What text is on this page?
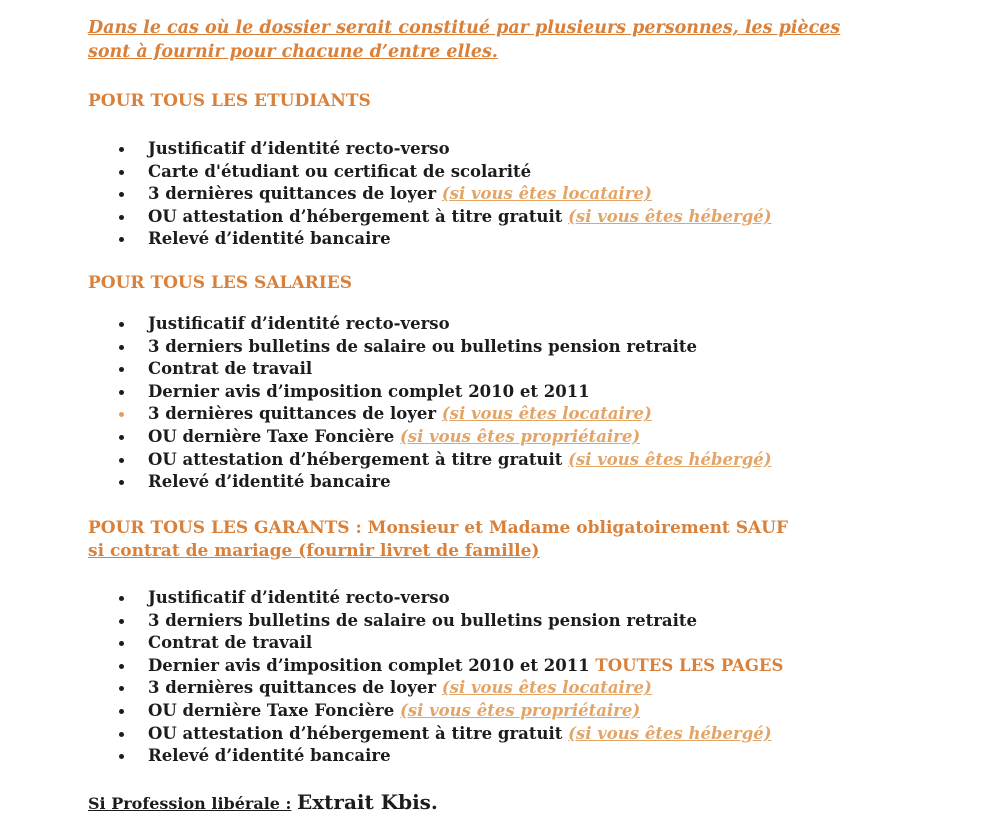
Dans le cas où le dossier serait constitué par plusieurs personnes, les pièces sont à fournir pour chacune d’entre elles.
POUR TOUS LES ETUDIANTS
Justificatif d’identité recto-verso
Carte d'étudiant ou certificat de scolarité
3 dernières quittances de loyer (si vous êtes locataire)
OU attestation d’hébergement à titre gratuit (si vous êtes hébergé)
Relevé d’identité bancaire
POUR TOUS LES SALARIES
Justificatif d’identité recto-verso
3 derniers bulletins de salaire ou bulletins pension retraite
Contrat de travail
Dernier avis d’imposition complet 2010 et 2011
3 dernières quittances de loyer (si vous êtes locataire)
OU dernière Taxe Foncière (si vous êtes propriétaire)
OU attestation d’hébergement à titre gratuit (si vous êtes hébergé)
Relevé d’identité bancaire
POUR TOUS LES GARANTS : Monsieur et Madame obligatoirement SAUF
si contrat de mariage (fournir livret de famille)
Justificatif d’identité recto-verso
3 derniers bulletins de salaire ou bulletins pension retraite
Contrat de travail
Dernier avis d’imposition complet 2010 et 2011 TOUTES LES PAGES
3 dernières quittances de loyer (si vous êtes locataire)
OU dernière Taxe Foncière (si vous êtes propriétaire)
OU attestation d’hébergement à titre gratuit (si vous êtes hébergé)
Relevé d’identité bancaire
Si Profession libérale : Extrait Kbis.
